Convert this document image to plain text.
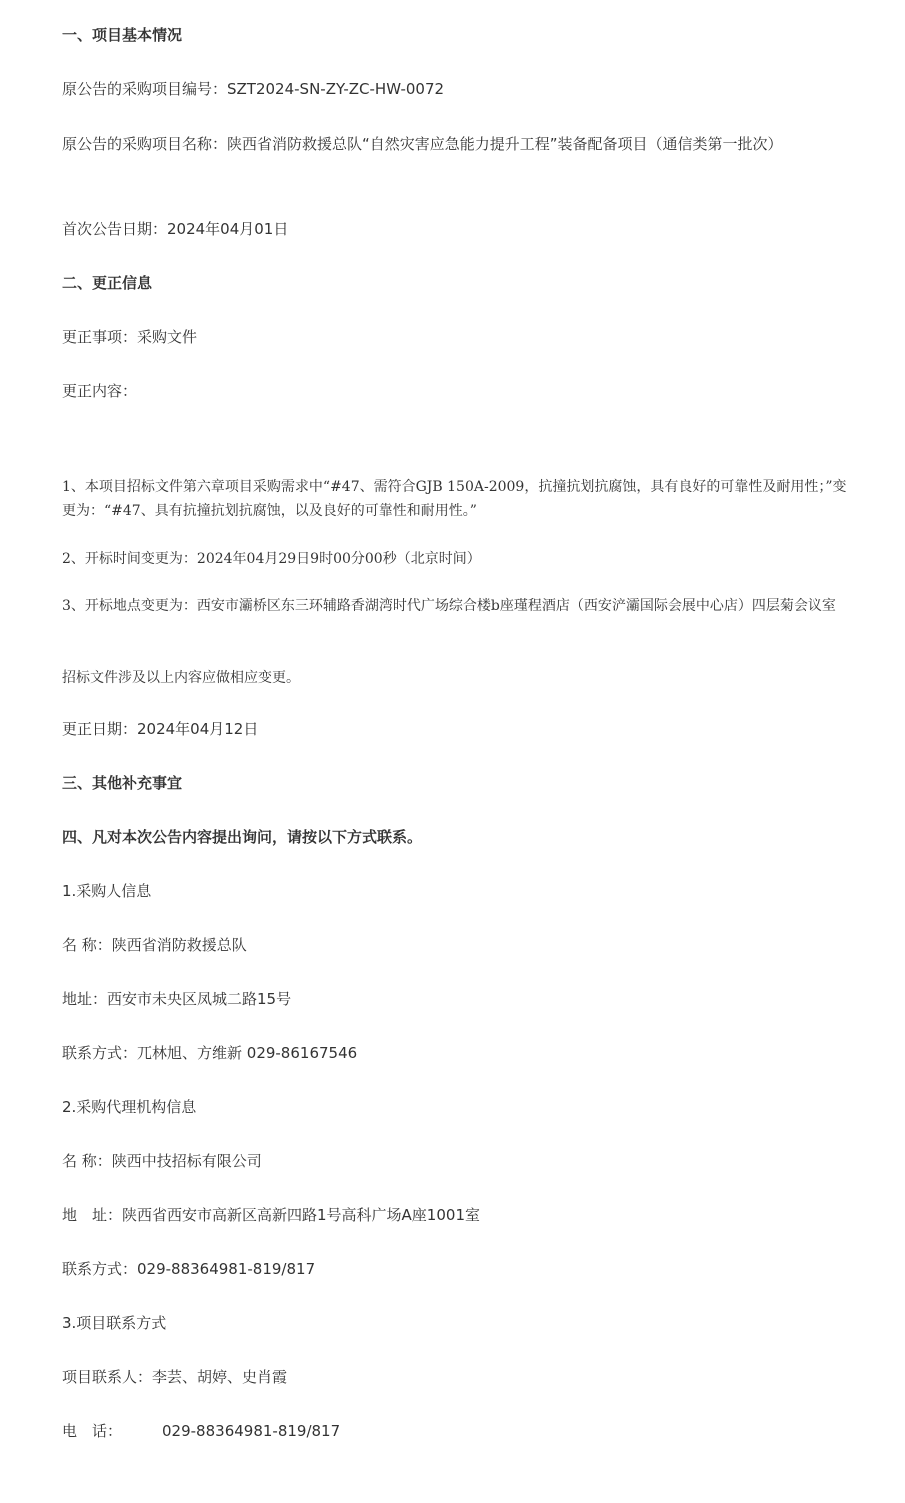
一、项目基本情况
原公告的采购项目编号：SZT2024-SN-ZY-ZC-HW-0072
原公告的采购项目名称：陕西省消防救援总队“自然灾害应急能力提升工程”装备配备项目（通信类第一批次）
首次公告日期：2024年04月01日
二、更正信息
更正事项：采购文件
更正内容：
1、本项目招标文件第六章项目采购需求中“#47、需符合GJB 150A-2009，抗撞抗划抗腐蚀，具有良好的可靠性及耐用性；”变更为：“#47、具有抗撞抗划抗腐蚀，以及良好的可靠性和耐用性。”
2、开标时间变更为：2024年04月29日9时00分00秒（北京时间）
3、开标地点变更为：西安市灞桥区东三环辅路香湖湾时代广场综合楼b座瑾程酒店（西安浐灞国际会展中心店）四层菊会议室
招标文件涉及以上内容应做相应变更。
更正日期：2024年04月12日
三、其他补充事宜
四、凡对本次公告内容提出询问，请按以下方式联系。
1.采购人信息
名 称：陕西省消防救援总队
地址：西安市未央区凤城二路15号
联系方式：兀林旭、方维新 029-86167546
2.采购代理机构信息
名 称：陕西中技招标有限公司
地　址：陕西省西安市高新区高新四路1号高科广场A座1001室
联系方式：029-88364981-819/817
3.项目联系方式
项目联系人：李芸、胡婷、史肖霞
电　话：	029-88364981-819/817
